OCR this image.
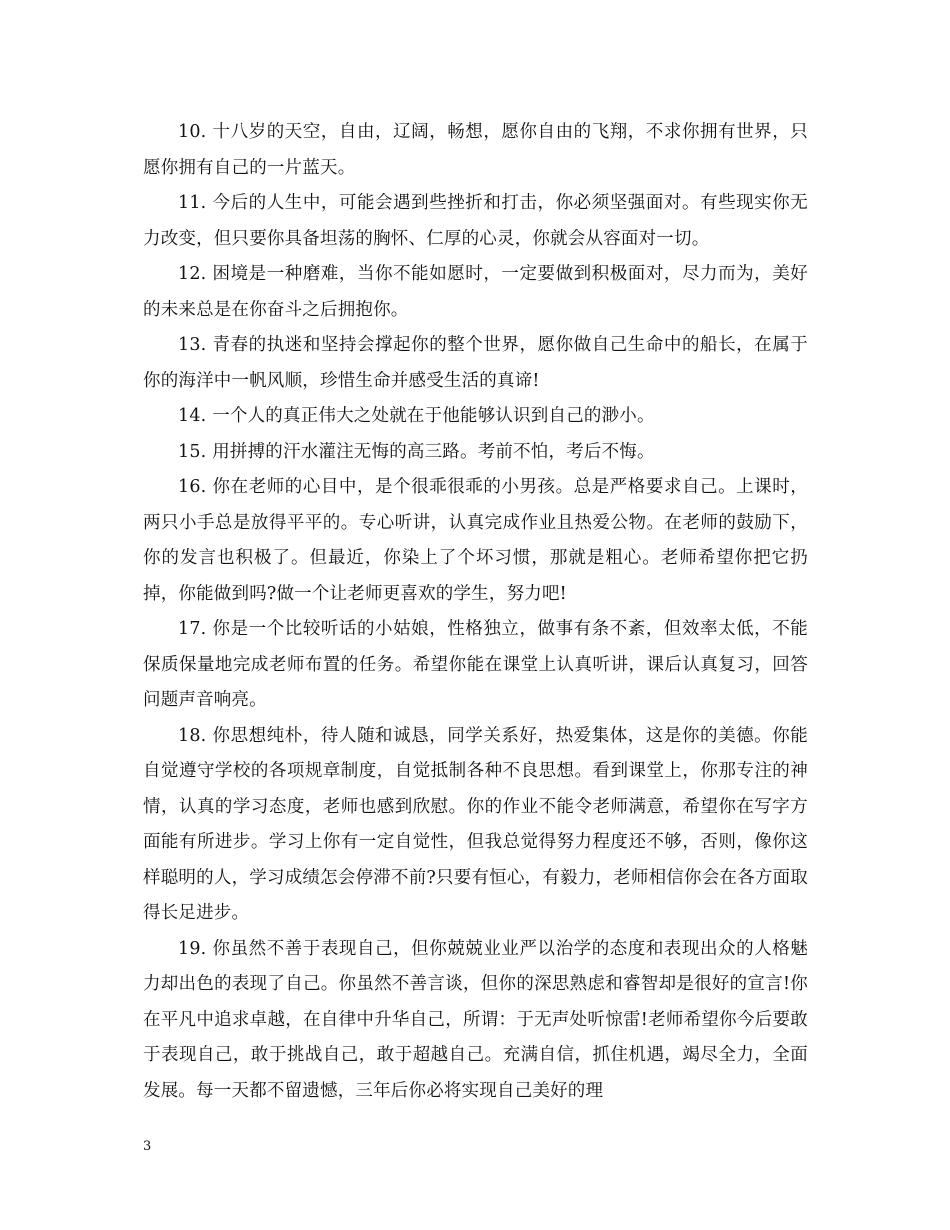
10. 十八岁的天空，自由，辽阔，畅想，愿你自由的飞翔，不求你拥有世界，只愿你拥有自己的一片蓝天。

11. 今后的人生中，可能会遇到些挫折和打击，你必须坚强面对。有些现实你无力改变，但只要你具备坦荡的胸怀、仁厚的心灵，你就会从容面对一切。

12. 困境是一种磨难，当你不能如愿时，一定要做到积极面对，尽力而为，美好的未来总是在你奋斗之后拥抱你。

13. 青春的执迷和坚持会撑起你的整个世界，愿你做自己生命中的船长，在属于你的海洋中一帆风顺，珍惜生命并感受生活的真谛!

14. 一个人的真正伟大之处就在于他能够认识到自己的渺小。

15. 用拼搏的汗水灌注无悔的高三路。考前不怕，考后不悔。

16. 你在老师的心目中，是个很乖很乖的小男孩。总是严格要求自己。上课时，两只小手总是放得平平的。专心听讲，认真完成作业且热爱公物。在老师的鼓励下，你的发言也积极了。但最近，你染上了个坏习惯，那就是粗心。老师希望你把它扔掉，你能做到吗?做一个让老师更喜欢的学生，努力吧!

17. 你是一个比较听话的小姑娘，性格独立，做事有条不紊，但效率太低，不能保质保量地完成老师布置的任务。希望你能在课堂上认真听讲，课后认真复习，回答问题声音响亮。

18. 你思想纯朴，待人随和诚恳，同学关系好，热爱集体，这是你的美德。你能自觉遵守学校的各项规章制度，自觉抵制各种不良思想。看到课堂上，你那专注的神情，认真的学习态度，老师也感到欣慰。你的作业不能令老师满意，希望你在写字方面能有所进步。学习上你有一定自觉性，但我总觉得努力程度还不够，否则，像你这样聪明的人，学习成绩怎会停滞不前?只要有恒心，有毅力，老师相信你会在各方面取得长足进步。

19. 你虽然不善于表现自己，但你兢兢业业严以治学的态度和表现出众的人格魅力却出色的表现了自己。你虽然不善言谈，但你的深思熟虑和睿智却是很好的宣言!你在平凡中追求卓越，在自律中升华自己，所谓：于无声处听惊雷!老师希望你今后要敢于表现自己，敢于挑战自己，敢于超越自己。充满自信，抓住机遇，竭尽全力，全面发展。每一天都不留遗憾，三年后你必将实现自己美好的理

3
